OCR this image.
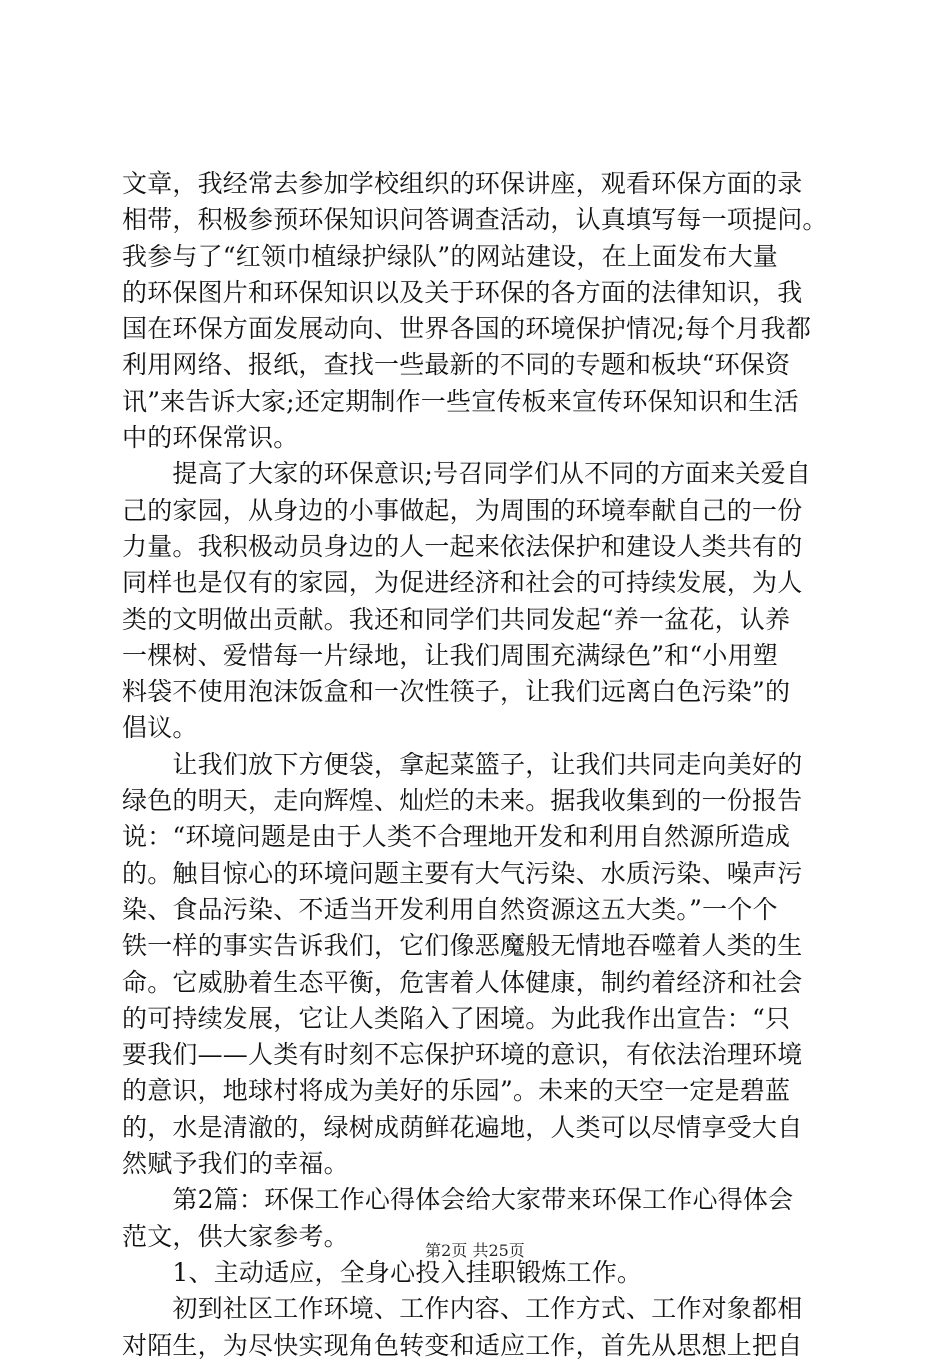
文章，我经常去参加学校组织的环保讲座，观看环保方面的录
相带，积极参预环保知识问答调查活动，认真填写每一项提问。
我参与了“红领巾植绿护绿队”的网站建设，在上面发布大量
的环保图片和环保知识以及关于环保的各方面的法律知识，我
国在环保方面发展动向、世界各国的环境保护情况;每个月我都
利用网络、报纸，查找一些最新的不同的专题和板块“环保资
讯”来告诉大家;还定期制作一些宣传板来宣传环保知识和生活
中的环保常识。
　　提高了大家的环保意识;号召同学们从不同的方面来关爱自
己的家园，从身边的小事做起，为周围的环境奉献自己的一份
力量。我积极动员身边的人一起来依法保护和建设人类共有的
同样也是仅有的家园，为促进经济和社会的可持续发展，为人
类的文明做出贡献。我还和同学们共同发起“养一盆花，认养
一棵树、爱惜每一片绿地，让我们周围充满绿色”和“小用塑
料袋不使用泡沫饭盒和一次性筷子，让我们远离白色污染”的
倡议。
　　让我们放下方便袋，拿起菜篮子，让我们共同走向美好的
绿色的明天，走向辉煌、灿烂的未来。据我收集到的一份报告
说：“环境问题是由于人类不合理地开发和利用自然源所造成
的。触目惊心的环境问题主要有大气污染、水质污染、噪声污
染、食品污染、不适当开发利用自然资源这五大类。”一个个
铁一样的事实告诉我们，它们像恶魔般无情地吞噬着人类的生
命。它威胁着生态平衡，危害着人体健康，制约着经济和社会
的可持续发展，它让人类陷入了困境。为此我作出宣告：“只
要我们——人类有时刻不忘保护环境的意识，有依法治理环境
的意识，地球村将成为美好的乐园”。未来的天空一定是碧蓝
的，水是清澈的，绿树成荫鲜花遍地，人类可以尽情享受大自
然赋予我们的幸福。
　　第2篇：环保工作心得体会给大家带来环保工作心得体会
范文，供大家参考。
　　1、主动适应，全身心投入挂职锻炼工作。
　　初到社区工作环境、工作内容、工作方式、工作对象都相
对陌生，为尽快实现角色转变和适应工作，首先从思想上把自
第2页 共25页
